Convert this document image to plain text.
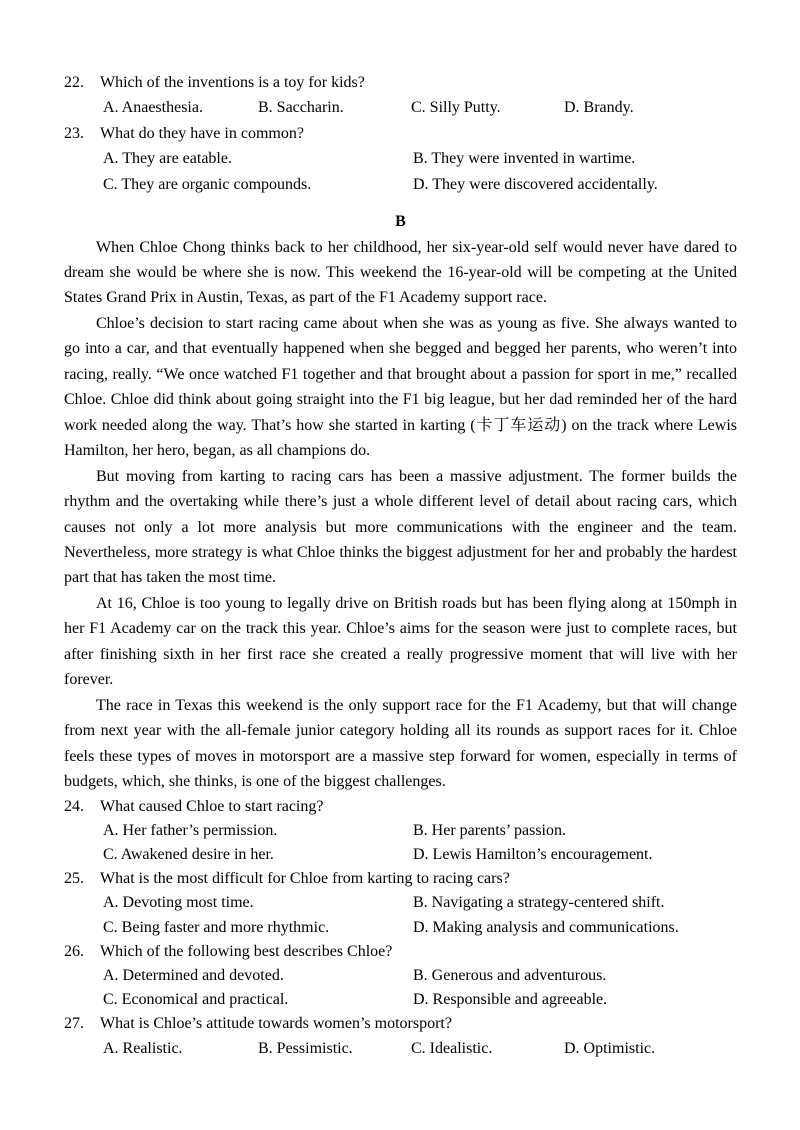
22.	Which of the inventions is a toy for kids?
A. Anaesthesia.	B. Saccharin.	C. Silly Putty.	D. Brandy.
23.	What do they have in common?
A. They are eatable.	B. They were invented in wartime.
C. They are organic compounds.	D. They were discovered accidentally.
B

When Chloe Chong thinks back to her childhood, her six-year-old self would never have dared to dream she would be where she is now. This weekend the 16-year-old will be competing at the United States Grand Prix in Austin, Texas, as part of the F1 Academy support race.

Chloe’s decision to start racing came about when she was as young as five. She always wanted to go into a car, and that eventually happened when she begged and begged her parents, who weren’t into racing, really. “We once watched F1 together and that brought about a passion for sport in me,” recalled Chloe. Chloe did think about going straight into the F1 big league, but her dad reminded her of the hard work needed along the way. That’s how she started in karting (卡丁车运动) on the track where Lewis Hamilton, her hero, began, as all champions do.

But moving from karting to racing cars has been a massive adjustment. The former builds the rhythm and the overtaking while there’s just a whole different level of detail about racing cars, which causes not only a lot more analysis but more communications with the engineer and the team. Nevertheless, more strategy is what Chloe thinks the biggest adjustment for her and probably the hardest part that has taken the most time.

At 16, Chloe is too young to legally drive on British roads but has been flying along at 150mph in her F1 Academy car on the track this year. Chloe’s aims for the season were just to complete races, but after finishing sixth in her first race she created a really progressive moment that will live with her forever.

The race in Texas this weekend is the only support race for the F1 Academy, but that will change from next year with the all-female junior category holding all its rounds as support races for it. Chloe feels these types of moves in motorsport are a massive step forward for women, especially in terms of budgets, which, she thinks, is one of the biggest challenges.

24.	What caused Chloe to start racing?
A. Her father’s permission.	B. Her parents’ passion.
C. Awakened desire in her.	D. Lewis Hamilton’s encouragement.
25.	What is the most difficult for Chloe from karting to racing cars?
A. Devoting most time.	B. Navigating a strategy-centered shift.
C. Being faster and more rhythmic.	D. Making analysis and communications.
26.	Which of the following best describes Chloe?
A. Determined and devoted.	B. Generous and adventurous.
C. Economical and practical.	D. Responsible and agreeable.
27.	What is Chloe’s attitude towards women’s motorsport?
A. Realistic.	B. Pessimistic.	C. Idealistic.	D. Optimistic.
